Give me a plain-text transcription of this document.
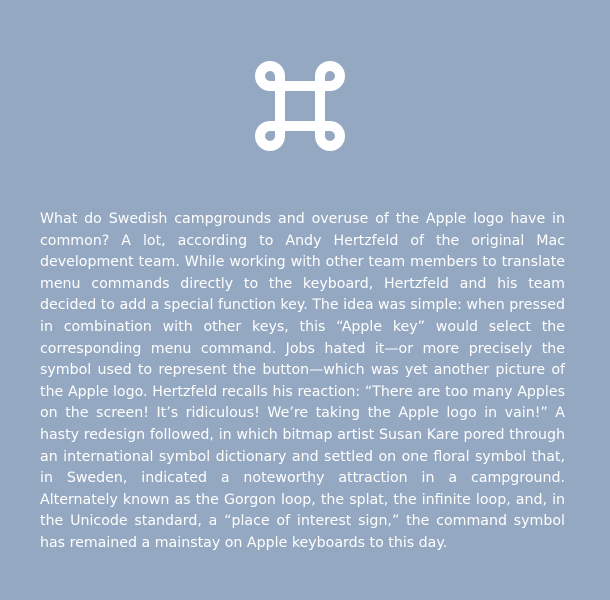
What do Swedish campgrounds and overuse of the Apple logo have in common? A lot, according to Andy Hertzfeld of the original Mac development team. While working with other team members to translate menu commands directly to the keyboard, Hertzfeld and his team decided to add a special function key. The idea was simple: when pressed in combination with other keys, this “Apple key” would select the corresponding menu command. Jobs hated it—or more precisely the symbol used to represent the button—which was yet another picture of the Apple logo. Hertzfeld recalls his reaction: “There are too many Apples on the screen! It’s ridiculous! We’re taking the Apple logo in vain!” A hasty redesign followed, in which bitmap artist Susan Kare pored through an international symbol dictionary and settled on one floral symbol that, in Sweden, indicated a noteworthy attraction in a campground. Alternately known as the Gorgon loop, the splat, the infinite loop, and, in the Unicode standard, a “place of interest sign,” the command symbol has remained a mainstay on Apple keyboards to this day.
